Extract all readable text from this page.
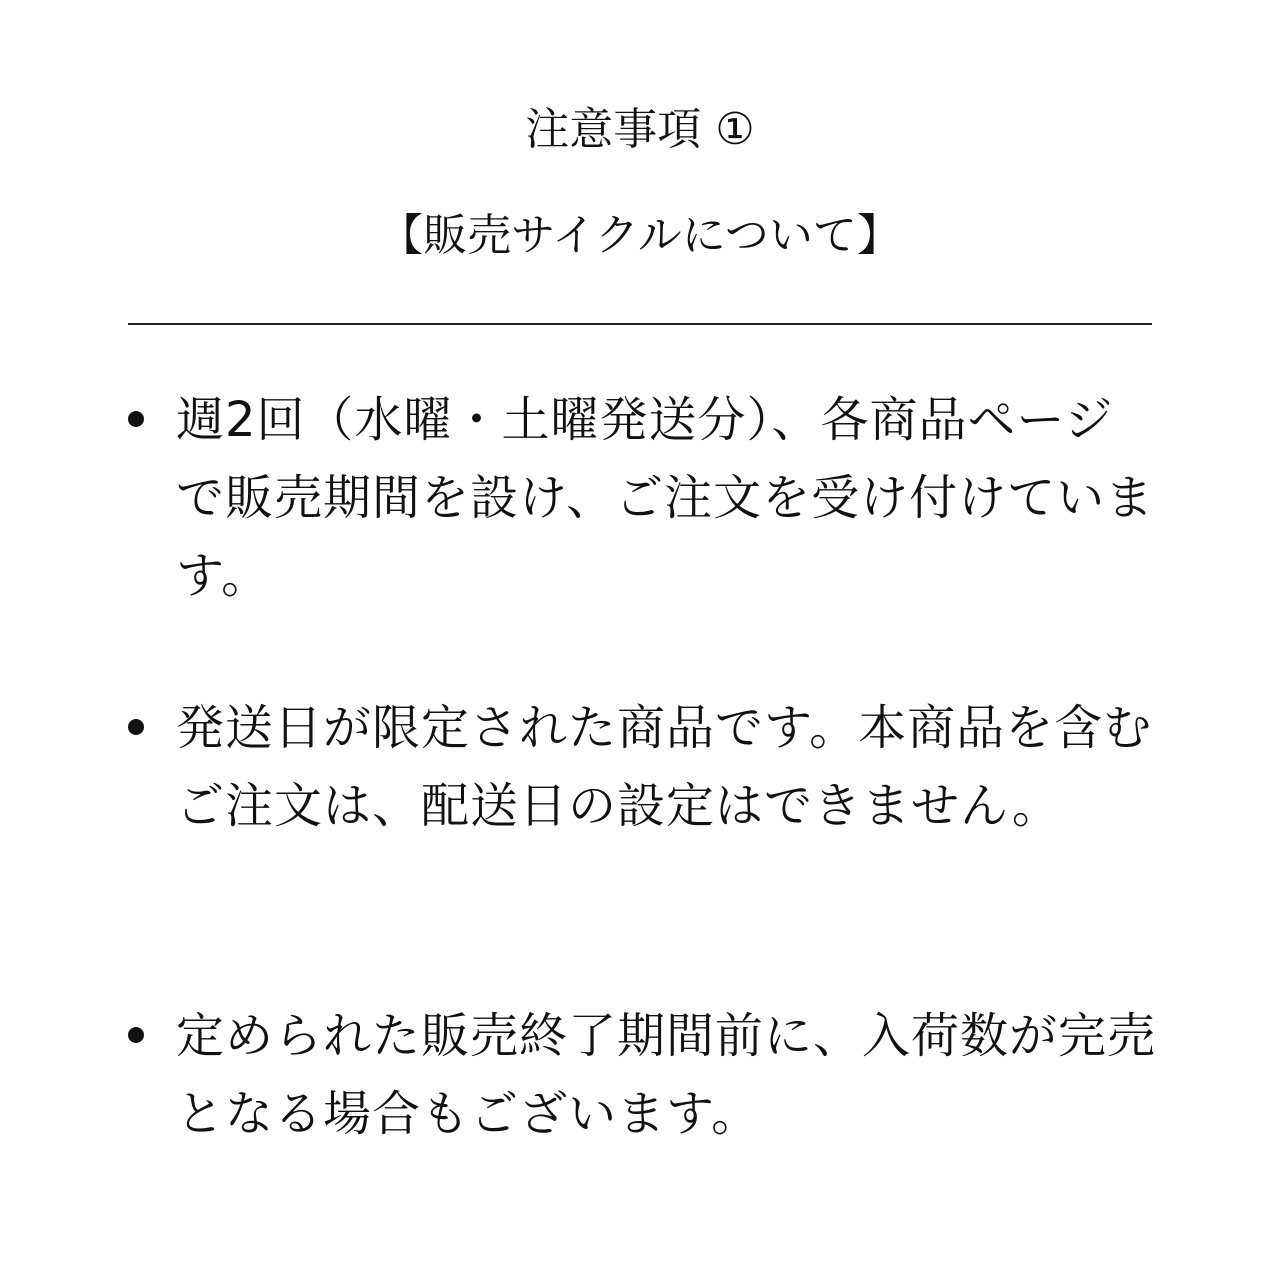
注意事項 ①
【販売サイクルについて】

週2回（水曜・土曜発送分）、各商品ページで販売期間を設け、ご注文を受け付けています。

発送日が限定された商品です。本商品を含むご注文は、配送日の設定はできません。

定められた販売終了期間前に、入荷数が完売となる場合もございます。
